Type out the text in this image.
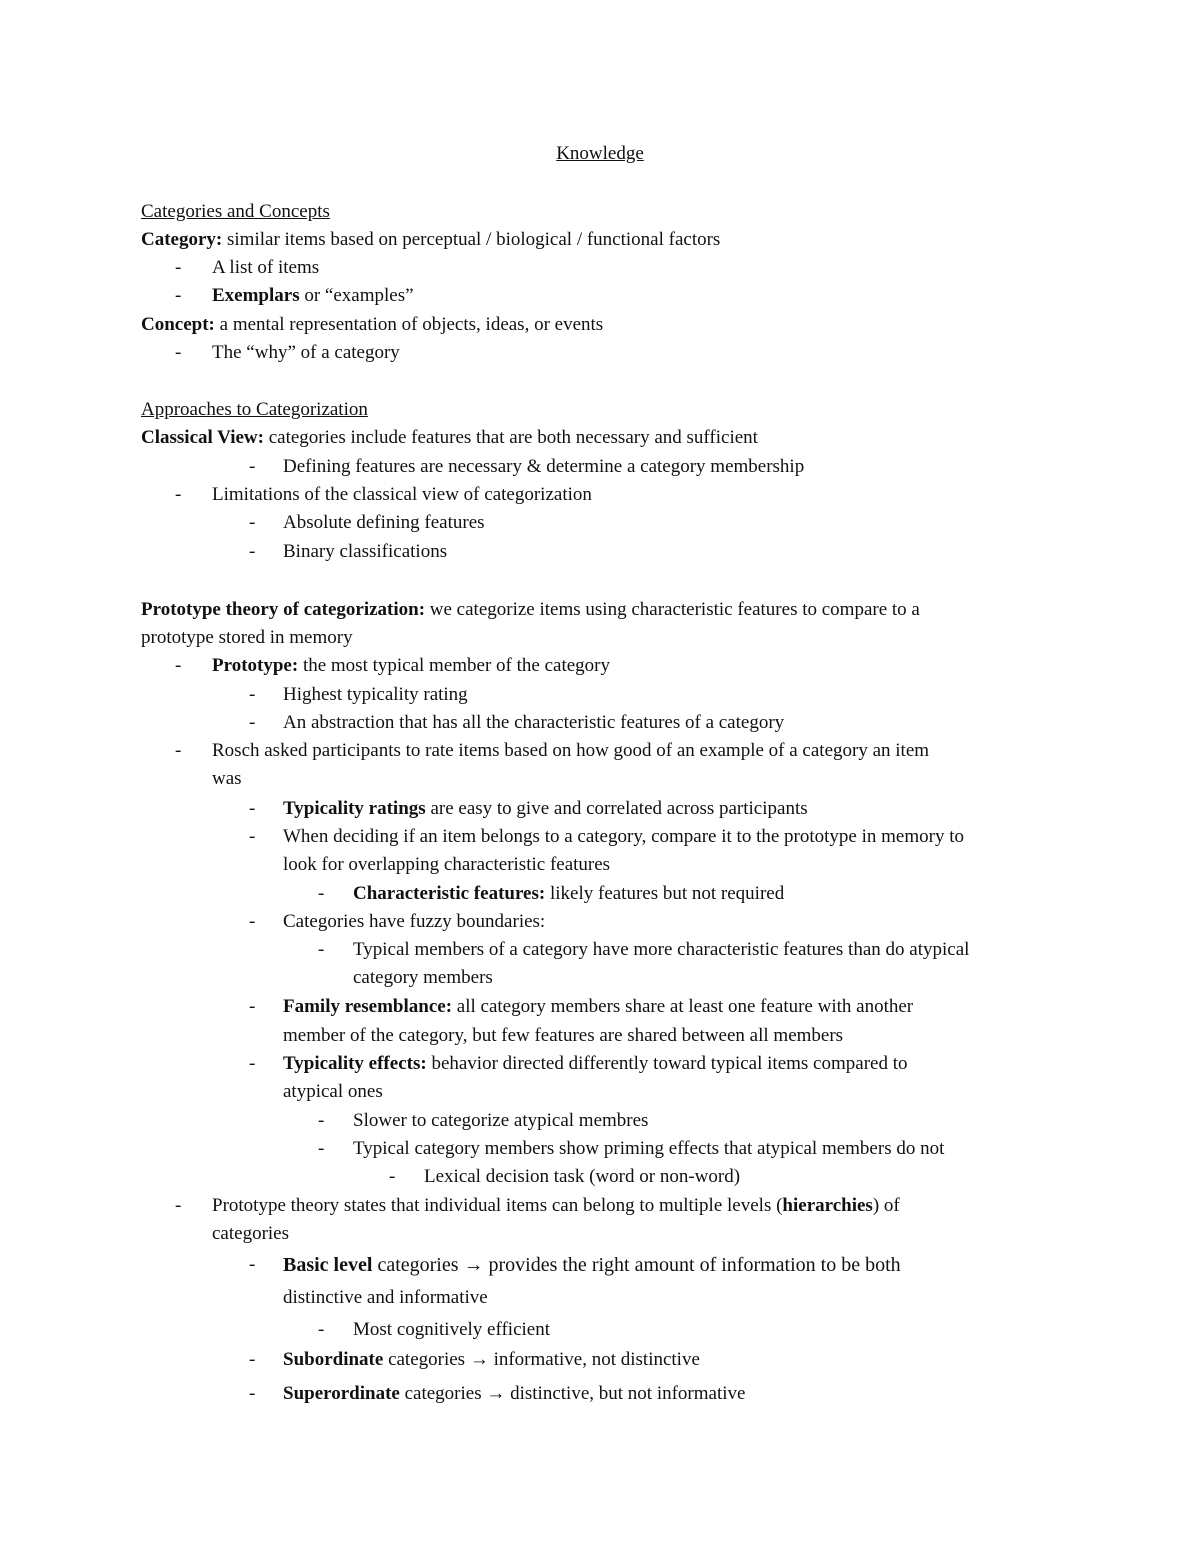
Knowledge
Categories and Concepts
Category: similar items based on perceptual / biological / functional factors
- A list of items
- Exemplars or “examples”
Concept: a mental representation of objects, ideas, or events
- The “why” of a category
Approaches to Categorization
Classical View: categories include features that are both necessary and sufficient
- Defining features are necessary & determine a category membership
- Limitations of the classical view of categorization
- Absolute defining features
- Binary classifications
Prototype theory of categorization: we categorize items using characteristic features to compare to a
prototype stored in memory
- Prototype: the most typical member of the category
- Highest typicality rating
- An abstraction that has all the characteristic features of a category
- Rosch asked participants to rate items based on how good of an example of a category an item
was
- Typicality ratings are easy to give and correlated across participants
- When deciding if an item belongs to a category, compare it to the prototype in memory to
look for overlapping characteristic features
- Characteristic features: likely features but not required
- Categories have fuzzy boundaries:
- Typical members of a category have more characteristic features than do atypical
category members
- Family resemblance: all category members share at least one feature with another
member of the category, but few features are shared between all members
- Typicality effects: behavior directed differently toward typical items compared to
atypical ones
- Slower to categorize atypical membres
- Typical category members show priming effects that atypical members do not
- Lexical decision task (word or non-word)
- Prototype theory states that individual items can belong to multiple levels (hierarchies) of
categories
- Basic level categories → provides the right amount of information to be both
distinctive and informative
- Most cognitively efficient
- Subordinate categories → informative, not distinctive
- Superordinate categories → distinctive, but not informative
